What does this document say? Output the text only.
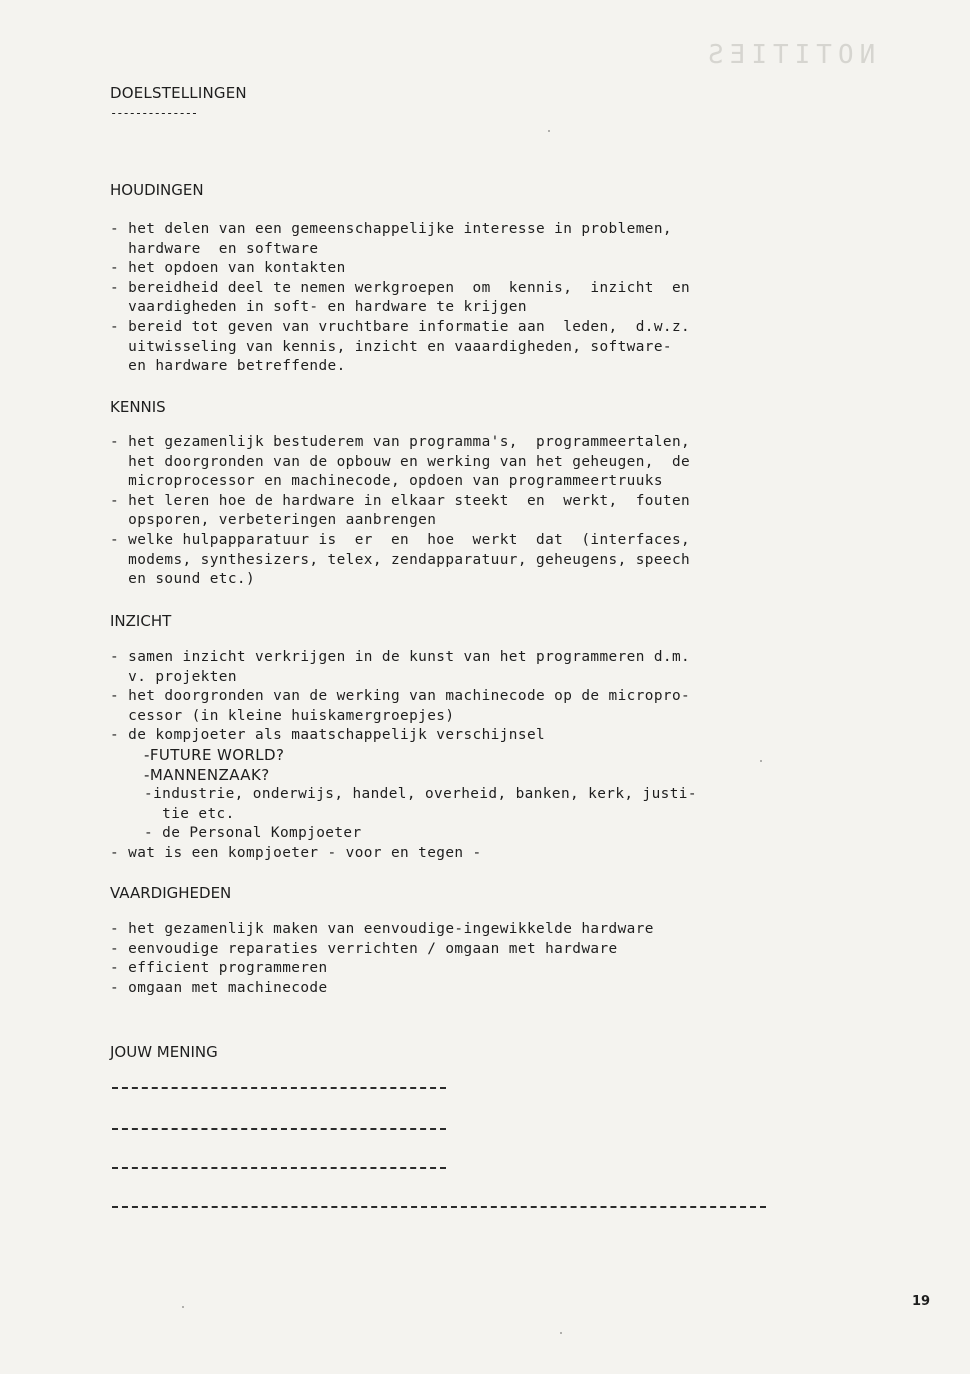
NOTITIES
DOELSTELLINGEN
--------------
HOUDINGEN
- het delen van een gemeenschappelijke interesse in problemen,
hardware  en software
- het opdoen van kontakten
- bereidheid deel te nemen werkgroepen  om  kennis,  inzicht  en
vaardigheden in soft- en hardware te krijgen
- bereid tot geven van vruchtbare informatie aan  leden,  d.w.z.
uitwisseling van kennis, inzicht en vaaardigheden, software-
en hardware betreffende.
KENNIS
- het gezamenlijk bestuderem van programma's,  programmeertalen,
het doorgronden van de opbouw en werking van het geheugen,  de
microprocessor en machinecode, opdoen van programmeertruuks
- het leren hoe de hardware in elkaar steekt  en  werkt,  fouten
opsporen, verbeteringen aanbrengen
- welke hulpapparatuur is  er  en  hoe  werkt  dat  (interfaces,
modems, synthesizers, telex, zendapparatuur, geheugens, speech
en sound etc.)
INZICHT
- samen inzicht verkrijgen in de kunst van het programmeren d.m.
v. projekten
- het doorgronden van de werking van machinecode op de micropro-
cessor (in kleine huiskamergroepjes)
- de kompjoeter als maatschappelijk verschijnsel
-FUTURE WORLD?
-MANNENZAAK?
-industrie, onderwijs, handel, overheid, banken, kerk, justi-
tie etc.
- de Personal Kompjoeter
- wat is een kompjoeter - voor en tegen -
VAARDIGHEDEN
- het gezamenlijk maken van eenvoudige-ingewikkelde hardware
- eenvoudige reparaties verrichten / omgaan met hardware
- efficient programmeren
- omgaan met machinecode
JOUW MENING
19
